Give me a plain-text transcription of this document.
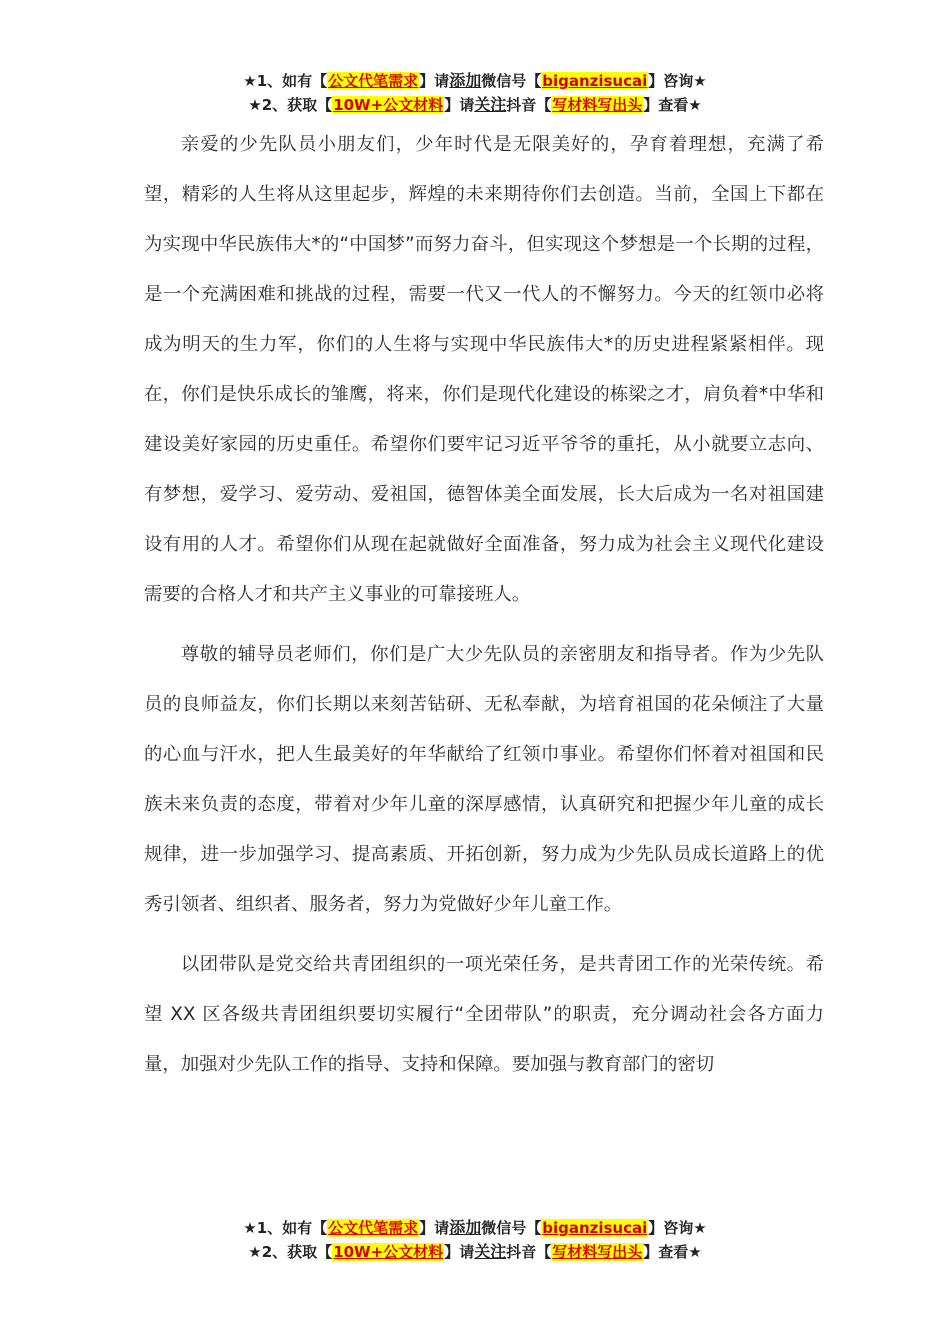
★1、如有【公文代笔需求】请添加微信号【biganzisucai】咨询★
★2、获取【10W+公文材料】请关注抖音【写材料写出头】查看★

亲爱的少先队员小朋友们，少年时代是无限美好的，孕育着理想，充满了希望，精彩的人生将从这里起步，辉煌的未来期待你们去创造。当前，全国上下都在为实现中华民族伟大*的“中国梦”而努力奋斗，但实现这个梦想是一个长期的过程，是一个充满困难和挑战的过程，需要一代又一代人的不懈努力。今天的红领巾必将成为明天的生力军，你们的人生将与实现中华民族伟大*的历史进程紧紧相伴。现在，你们是快乐成长的雏鹰，将来，你们是现代化建设的栋梁之才，肩负着*中华和建设美好家园的历史重任。希望你们要牢记习近平爷爷的重托，从小就要立志向、有梦想，爱学习、爱劳动、爱祖国，德智体美全面发展，长大后成为一名对祖国建设有用的人才。希望你们从现在起就做好全面准备，努力成为社会主义现代化建设需要的合格人才和共产主义事业的可靠接班人。

尊敬的辅导员老师们，你们是广大少先队员的亲密朋友和指导者。作为少先队员的良师益友，你们长期以来刻苦钻研、无私奉献，为培育祖国的花朵倾注了大量的心血与汗水，把人生最美好的年华献给了红领巾事业。希望你们怀着对祖国和民族未来负责的态度，带着对少年儿童的深厚感情，认真研究和把握少年儿童的成长规律，进一步加强学习、提高素质、开拓创新，努力成为少先队员成长道路上的优秀引领者、组织者、服务者，努力为党做好少年儿童工作。

以团带队是党交给共青团组织的一项光荣任务，是共青团工作的光荣传统。希望 XX 区各级共青团组织要切实履行“全团带队”的职责，充分调动社会各方面力量，加强对少先队工作的指导、支持和保障。要加强与教育部门的密切

★1、如有【公文代笔需求】请添加微信号【biganzisucai】咨询★
★2、获取【10W+公文材料】请关注抖音【写材料写出头】查看★
